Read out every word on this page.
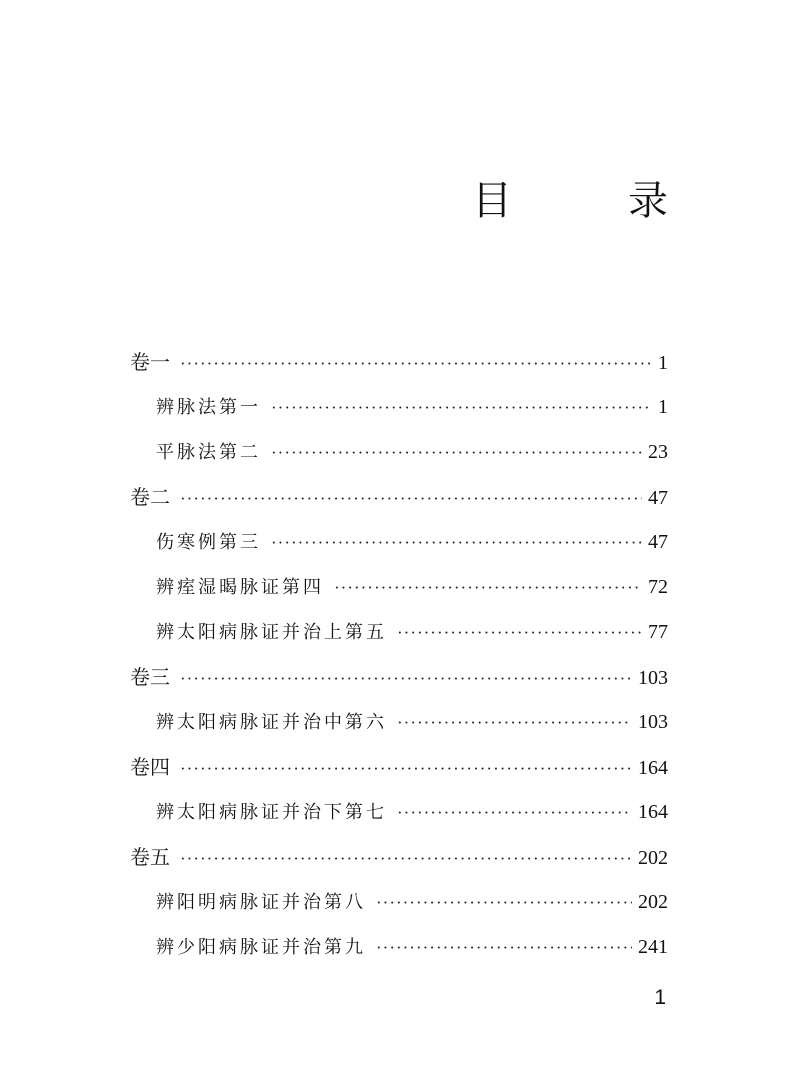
目　录
卷一 ·····	1
辨脉法第一 ·····	1
平脉法第二 ·····	23
卷二 ·····	47
伤寒例第三 ·····	47
辨痓湿暍脉证第四 ·····	72
辨太阳病脉证并治上第五 ·····	77
卷三 ·····	103
辨太阳病脉证并治中第六 ·····	103
卷四 ·····	164
辨太阳病脉证并治下第七 ·····	164
卷五 ·····	202
辨阳明病脉证并治第八 ·····	202
辨少阳病脉证并治第九 ·····	241
1
